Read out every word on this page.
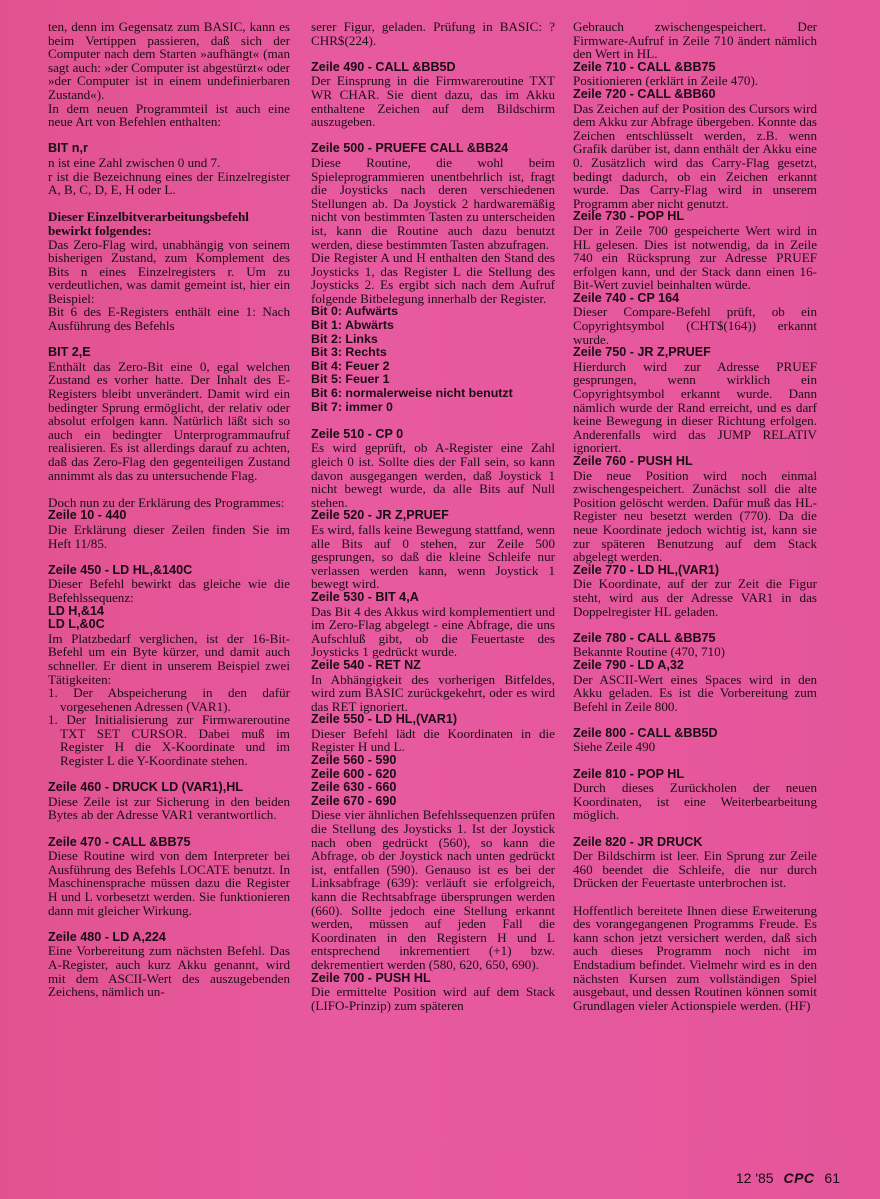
ten, denn im Gegensatz zum BASIC, kann es beim Vertippen passieren, daß sich der Computer nach dem Starten »aufhängt« (man sagt auch: »der Computer ist abgestürzt« oder »der Computer ist in einem undefinierbaren Zustand«).

In dem neuen Programmteil ist auch eine neue Art von Befehlen enthalten:

BIT n,r

n ist eine Zahl zwischen 0 und 7.

r ist die Bezeichnung eines der Einzelregister A, B, C, D, E, H oder L.

Dieser Einzelbitverarbeitungsbefehl bewirkt folgendes:

Das Zero-Flag wird, unabhängig von seinem bisherigen Zustand, zum Komplement des Bits n eines Einzelregisters r. Um zu verdeutlichen, was damit gemeint ist, hier ein Beispiel:

Bit 6 des E-Registers enthält eine 1: Nach Ausführung des Befehls

BIT 2,E

Enthält das Zero-Bit eine 0, egal welchen Zustand es vorher hatte. Der Inhalt des E-Registers bleibt unverändert. Damit wird ein bedingter Sprung ermöglicht, der relativ oder absolut erfolgen kann. Natürlich läßt sich so auch ein bedingter Unterprogrammaufruf realisieren. Es ist allerdings darauf zu achten, daß das Zero-Flag den gegenteiligen Zustand annimmt als das zu untersuchende Flag.

Doch nun zu der Erklärung des Programmes:

Zeile 10 - 440

Die Erklärung dieser Zeilen finden Sie im Heft 11/85.

Zeile 450 - LD HL,&140C

Dieser Befehl bewirkt das gleiche wie die Befehlssequenz:

LD H,&14

LD L,&0C

Im Platzbedarf verglichen, ist der 16-Bit-Befehl um ein Byte kürzer, und damit auch schneller. Er dient in unserem Beispiel zwei Tätigkeiten:

1. Der Abspeicherung in den dafür vorgesehenen Adressen (VAR1).

1. Der Initialisierung zur Firmwareroutine TXT SET CURSOR. Dabei muß im Register H die X-Koordinate und im Register L die Y-Koordinate stehen.

Zeile 460 - DRUCK LD (VAR1),HL

Diese Zeile ist zur Sicherung in den beiden Bytes ab der Adresse VAR1 verantwortlich.

Zeile 470 - CALL &BB75

Diese Routine wird von dem Interpreter bei Ausführung des Befehls LOCATE benutzt. In Maschinensprache müssen dazu die Register H und L vorbesetzt werden. Sie funktionieren dann mit gleicher Wirkung.

Zeile 480 - LD A,224

Eine Vorbereitung zum nächsten Befehl. Das A-Register, auch kurz Akku genannt, wird mit dem ASCII-Wert des auszugebenden Zeichens, nämlich un-

serer Figur, geladen. Prüfung in BASIC: ? CHR$(224).

Zeile 490 - CALL &BB5D

Der Einsprung in die Firmwareroutine TXT WR CHAR. Sie dient dazu, das im Akku enthaltene Zeichen auf dem Bildschirm auszugeben.

Zeile 500 - PRUEFE CALL &BB24

Diese Routine, die wohl beim Spieleprogrammieren unentbehrlich ist, fragt die Joysticks nach deren verschiedenen Stellungen ab. Da Joystick 2 hardwaremäßig nicht von bestimmten Tasten zu unterscheiden ist, kann die Routine auch dazu benutzt werden, diese bestimmten Tasten abzufragen.

Die Register A und H enthalten den Stand des Joysticks 1, das Register L die Stellung des Joysticks 2. Es ergibt sich nach dem Aufruf folgende Bitbelegung innerhalb der Register.

Bit 0: Aufwärts

Bit 1: Abwärts

Bit 2: Links

Bit 3: Rechts

Bit 4: Feuer 2

Bit 5: Feuer 1

Bit 6: normalerweise nicht benutzt

Bit 7: immer 0

Zeile 510 - CP 0

Es wird geprüft, ob A-Register eine Zahl gleich 0 ist. Sollte dies der Fall sein, so kann davon ausgegangen werden, daß Joystick 1 nicht bewegt wurde, da alle Bits auf Null stehen.

Zeile 520 - JR Z,PRUEF

Es wird, falls keine Bewegung stattfand, wenn alle Bits auf 0 stehen, zur Zeile 500 gesprungen, so daß die kleine Schleife nur verlassen werden kann, wenn Joystick 1 bewegt wird.

Zeile 530 - BIT 4,A

Das Bit 4 des Akkus wird komplementiert und im Zero-Flag abgelegt - eine Abfrage, die uns Aufschluß gibt, ob die Feuertaste des Joysticks 1 gedrückt wurde.

Zeile 540 - RET NZ

In Abhängigkeit des vorherigen Bitfeldes, wird zum BASIC zurückgekehrt, oder es wird das RET ignoriert.

Zeile 550 - LD HL,(VAR1)

Dieser Befehl lädt die Koordinaten in die Register H und L.

Zeile 560 - 590

Zeile 600 - 620

Zeile 630 - 660

Zeile 670 - 690

Diese vier ähnlichen Befehlssequenzen prüfen die Stellung des Joysticks 1. Ist der Joystick nach oben gedrückt (560), so kann die Abfrage, ob der Joystick nach unten gedrückt ist, entfallen (590). Genauso ist es bei der Linksabfrage (639): verläuft sie erfolgreich, kann die Rechtsabfrage übersprungen werden (660). Sollte jedoch eine Stellung erkannt werden, müssen auf jeden Fall die Koordinaten in den Registern H und L entsprechend inkrementiert (+1) bzw. dekrementiert werden (580, 620, 650, 690).

Zeile 700 - PUSH HL

Die ermittelte Position wird auf dem Stack (LIFO-Prinzip) zum späteren

Gebrauch zwischengespeichert. Der Firmware-Aufruf in Zeile 710 ändert nämlich den Wert in HL.

Zeile 710 - CALL &BB75

Positionieren (erklärt in Zeile 470).

Zeile 720 - CALL &BB60

Das Zeichen auf der Position des Cursors wird dem Akku zur Abfrage übergeben. Konnte das Zeichen entschlüsselt werden, z.B. wenn Grafik darüber ist, dann enthält der Akku eine 0. Zusätzlich wird das Carry-Flag gesetzt, bedingt dadurch, ob ein Zeichen erkannt wurde. Das Carry-Flag wird in unserem Programm aber nicht genutzt.

Zeile 730 - POP HL

Der in Zeile 700 gespeicherte Wert wird in HL gelesen. Dies ist notwendig, da in Zeile 740 ein Rücksprung zur Adresse PRUEF erfolgen kann, und der Stack dann einen 16-Bit-Wert zuviel beinhalten würde.

Zeile 740 - CP 164

Dieser Compare-Befehl prüft, ob ein Copyrightsymbol (CHT$(164)) erkannt wurde.

Zeile 750 - JR Z,PRUEF

Hierdurch wird zur Adresse PRUEF gesprungen, wenn wirklich ein Copyrightsymbol erkannt wurde. Dann nämlich wurde der Rand erreicht, und es darf keine Bewegung in dieser Richtung erfolgen. Anderenfalls wird das JUMP RELATIV ignoriert.

Zeile 760 - PUSH HL

Die neue Position wird noch einmal zwischengespeichert. Zunächst soll die alte Position gelöscht werden. Dafür muß das HL-Register neu besetzt werden (770). Da die neue Koordinate jedoch wichtig ist, kann sie zur späteren Benutzung auf dem Stack abgelegt werden.

Zeile 770 - LD HL,(VAR1)

Die Koordinate, auf der zur Zeit die Figur steht, wird aus der Adresse VAR1 in das Doppelregister HL geladen.

Zeile 780 - CALL &BB75

Bekannte Routine (470, 710)

Zeile 790 - LD A,32

Der ASCII-Wert eines Spaces wird in den Akku geladen. Es ist die Vorbereitung zum Befehl in Zeile 800.

Zeile 800 - CALL &BB5D

Siehe Zeile 490

Zeile 810 - POP HL

Durch dieses Zurückholen der neuen Koordinaten, ist eine Weiterbearbeitung möglich.

Zeile 820 - JR DRUCK

Der Bildschirm ist leer. Ein Sprung zur Zeile 460 beendet die Schleife, die nur durch Drücken der Feuertaste unterbrochen ist.

Hoffentlich bereitete Ihnen diese Erweiterung des vorangegangenen Programms Freude. Es kann schon jetzt versichert werden, daß sich auch dieses Programm noch nicht im Endstadium befindet. Vielmehr wird es in den nächsten Kursen zum vollständigen Spiel ausgebaut, und dessen Routinen können somit Grundlagen vieler Actionspiele werden. (HF)

12 '85 CPC 61
